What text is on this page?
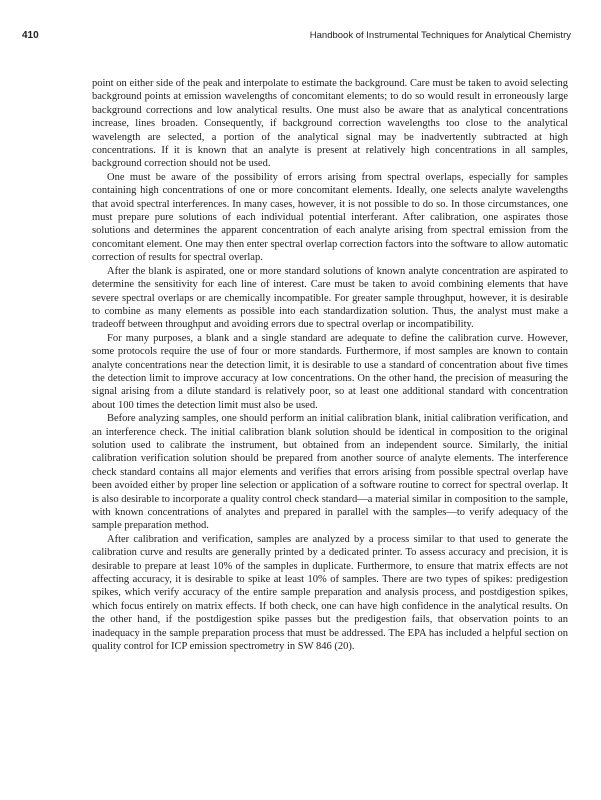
410	Handbook of Instrumental Techniques for Analytical Chemistry

point on either side of the peak and interpolate to estimate the background. Care must be taken to avoid selecting background points at emission wavelengths of concomitant elements; to do so would result in erroneously large background corrections and low analytical results. One must also be aware that as analytical concentrations increase, lines broaden. Consequently, if background correction wavelengths too close to the analytical wavelength are selected, a portion of the analytical signal may be inadvertently subtracted at high concentrations. If it is known that an analyte is present at relatively high concentrations in all samples, background correction should not be used.

One must be aware of the possibility of errors arising from spectral overlaps, especially for samples containing high concentrations of one or more concomitant elements. Ideally, one selects analyte wavelengths that avoid spectral interferences. In many cases, however, it is not possible to do so. In those circumstances, one must prepare pure solutions of each individual potential interferant. After calibration, one aspirates those solutions and determines the apparent concentration of each analyte arising from spectral emission from the concomitant element. One may then enter spectral overlap correction factors into the software to allow automatic correction of results for spectral overlap.

After the blank is aspirated, one or more standard solutions of known analyte concentration are aspirated to determine the sensitivity for each line of interest. Care must be taken to avoid combining elements that have severe spectral overlaps or are chemically incompatible. For greater sample throughput, however, it is desirable to combine as many elements as possible into each standardization solution. Thus, the analyst must make a tradeoff between throughput and avoiding errors due to spectral overlap or incompatibility.

For many purposes, a blank and a single standard are adequate to define the calibration curve. However, some protocols require the use of four or more standards. Furthermore, if most samples are known to contain analyte concentrations near the detection limit, it is desirable to use a standard of concentration about five times the detection limit to improve accuracy at low concentrations. On the other hand, the precision of measuring the signal arising from a dilute standard is relatively poor, so at least one additional standard with concentration about 100 times the detection limit must also be used.

Before analyzing samples, one should perform an initial calibration blank, initial calibration verification, and an interference check. The initial calibration blank solution should be identical in composition to the original solution used to calibrate the instrument, but obtained from an independent source. Similarly, the initial calibration verification solution should be prepared from another source of analyte elements. The interference check standard contains all major elements and verifies that errors arising from possible spectral overlap have been avoided either by proper line selection or application of a software routine to correct for spectral overlap. It is also desirable to incorporate a quality control check standard—a material similar in composition to the sample, with known concentrations of analytes and prepared in parallel with the samples—to verify adequacy of the sample preparation method.

After calibration and verification, samples are analyzed by a process similar to that used to generate the calibration curve and results are generally printed by a dedicated printer. To assess accuracy and precision, it is desirable to prepare at least 10% of the samples in duplicate. Furthermore, to ensure that matrix effects are not affecting accuracy, it is desirable to spike at least 10% of samples. There are two types of spikes: predigestion spikes, which verify accuracy of the entire sample preparation and analysis process, and postdigestion spikes, which focus entirely on matrix effects. If both check, one can have high confidence in the analytical results. On the other hand, if the postdigestion spike passes but the predigestion fails, that observation points to an inadequacy in the sample preparation process that must be addressed. The EPA has included a helpful section on quality control for ICP emission spectrometry in SW 846 (20).
